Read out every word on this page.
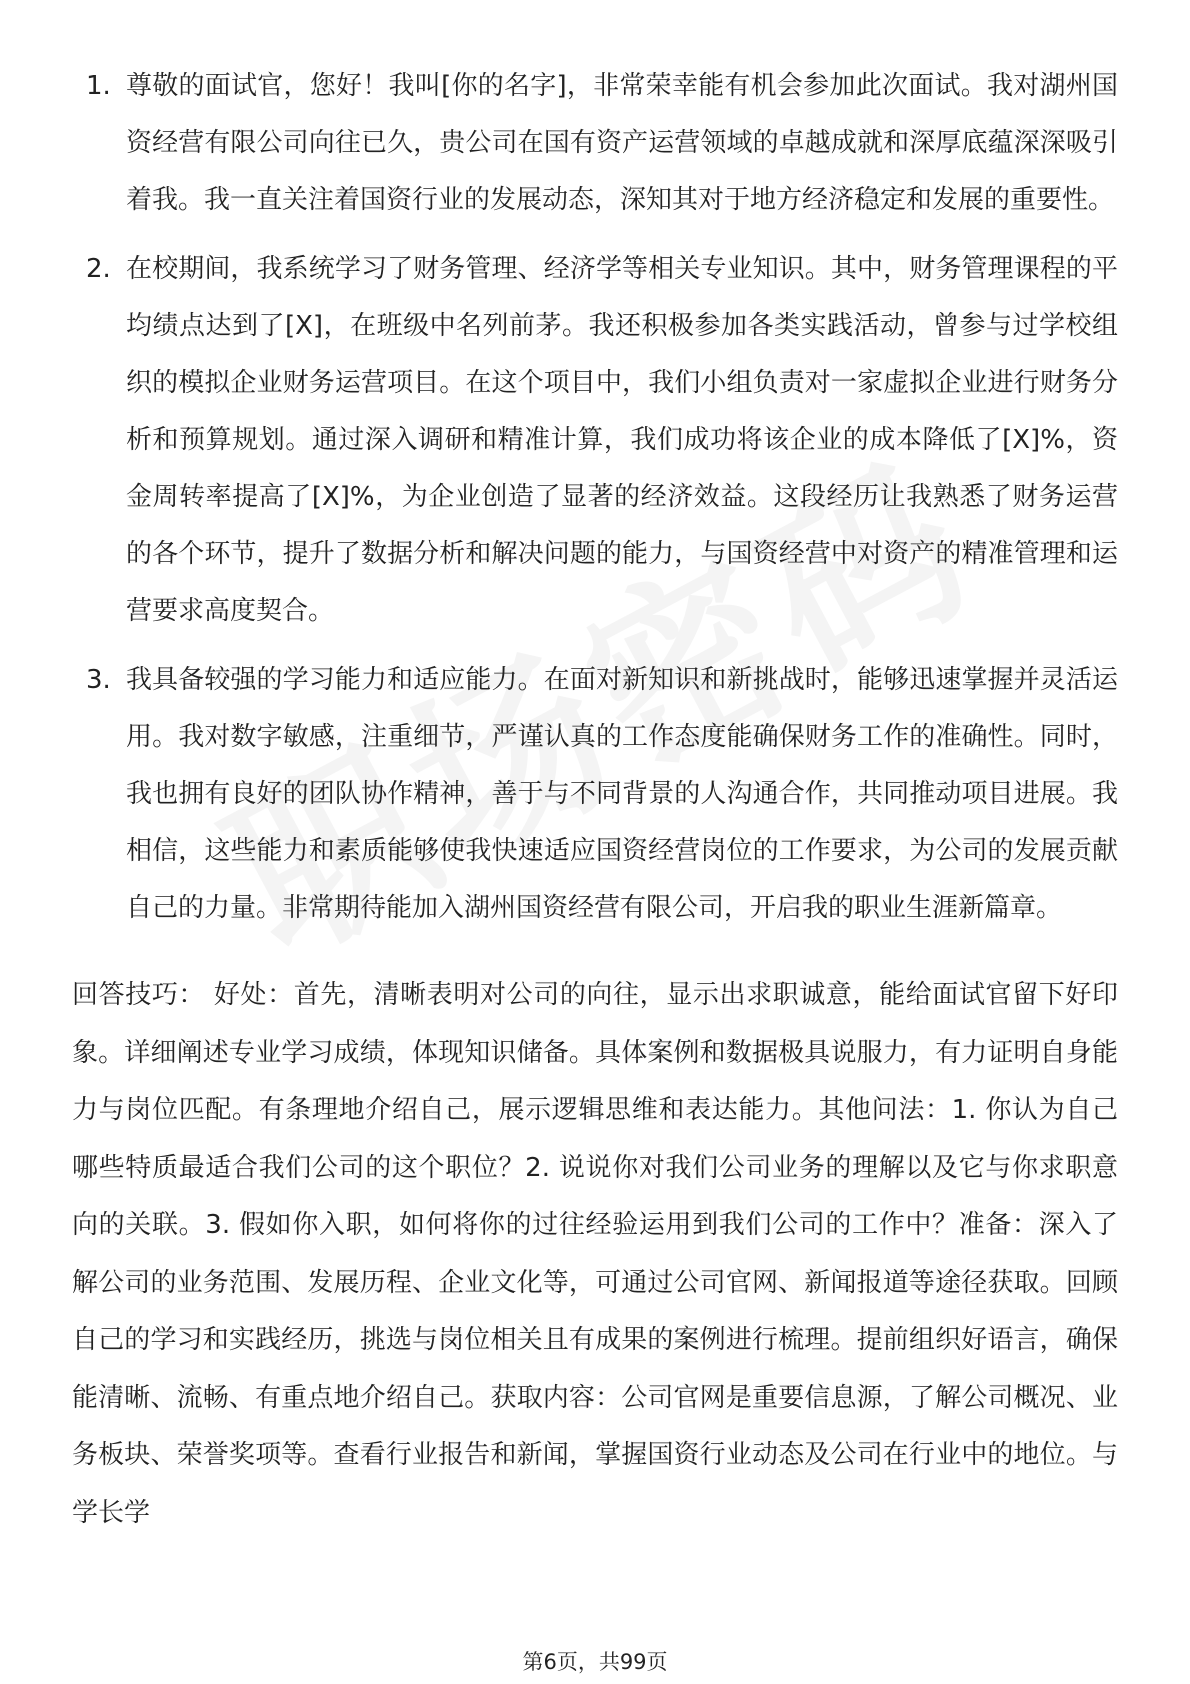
1. 尊敬的面试官，您好！我叫[你的名字]，非常荣幸能有机会参加此次面试。我对湖州国资经营有限公司向往已久，贵公司在国有资产运营领域的卓越成就和深厚底蕴深深吸引着我。我一直关注着国资行业的发展动态，深知其对于地方经济稳定和发展的重要性。
2. 在校期间，我系统学习了财务管理、经济学等相关专业知识。其中，财务管理课程的平均绩点达到了[X]，在班级中名列前茅。我还积极参加各类实践活动，曾参与过学校组织的模拟企业财务运营项目。在这个项目中，我们小组负责对一家虚拟企业进行财务分析和预算规划。通过深入调研和精准计算，我们成功将该企业的成本降低了[X]%，资金周转率提高了[X]%，为企业创造了显著的经济效益。这段经历让我熟悉了财务运营的各个环节，提升了数据分析和解决问题的能力，与国资经营中对资产的精准管理和运营要求高度契合。
3. 我具备较强的学习能力和适应能力。在面对新知识和新挑战时，能够迅速掌握并灵活运用。我对数字敏感，注重细节，严谨认真的工作态度能确保财务工作的准确性。同时，我也拥有良好的团队协作精神，善于与不同背景的人沟通合作，共同推动项目进展。我相信，这些能力和素质能够使我快速适应国资经营岗位的工作要求，为公司的发展贡献自己的力量。非常期待能加入湖州国资经营有限公司，开启我的职业生涯新篇章。
回答技巧： 好处：首先，清晰表明对公司的向往，显示出求职诚意，能给面试官留下好印象。详细阐述专业学习成绩，体现知识储备。具体案例和数据极具说服力，有力证明自身能力与岗位匹配。有条理地介绍自己，展示逻辑思维和表达能力。其他问法：1. 你认为自己哪些特质最适合我们公司的这个职位？2. 说说你对我们公司业务的理解以及它与你求职意向的关联。3. 假如你入职，如何将你的过往经验运用到我们公司的工作中？准备：深入了解公司的业务范围、发展历程、企业文化等，可通过公司官网、新闻报道等途径获取。回顾自己的学习和实践经历，挑选与岗位相关且有成果的案例进行梳理。提前组织好语言，确保能清晰、流畅、有重点地介绍自己。获取内容：公司官网是重要信息源，了解公司概况、业务板块、荣誉奖项等。查看行业报告和新闻，掌握国资行业动态及公司在行业中的地位。与学长学
第6页，共99页
